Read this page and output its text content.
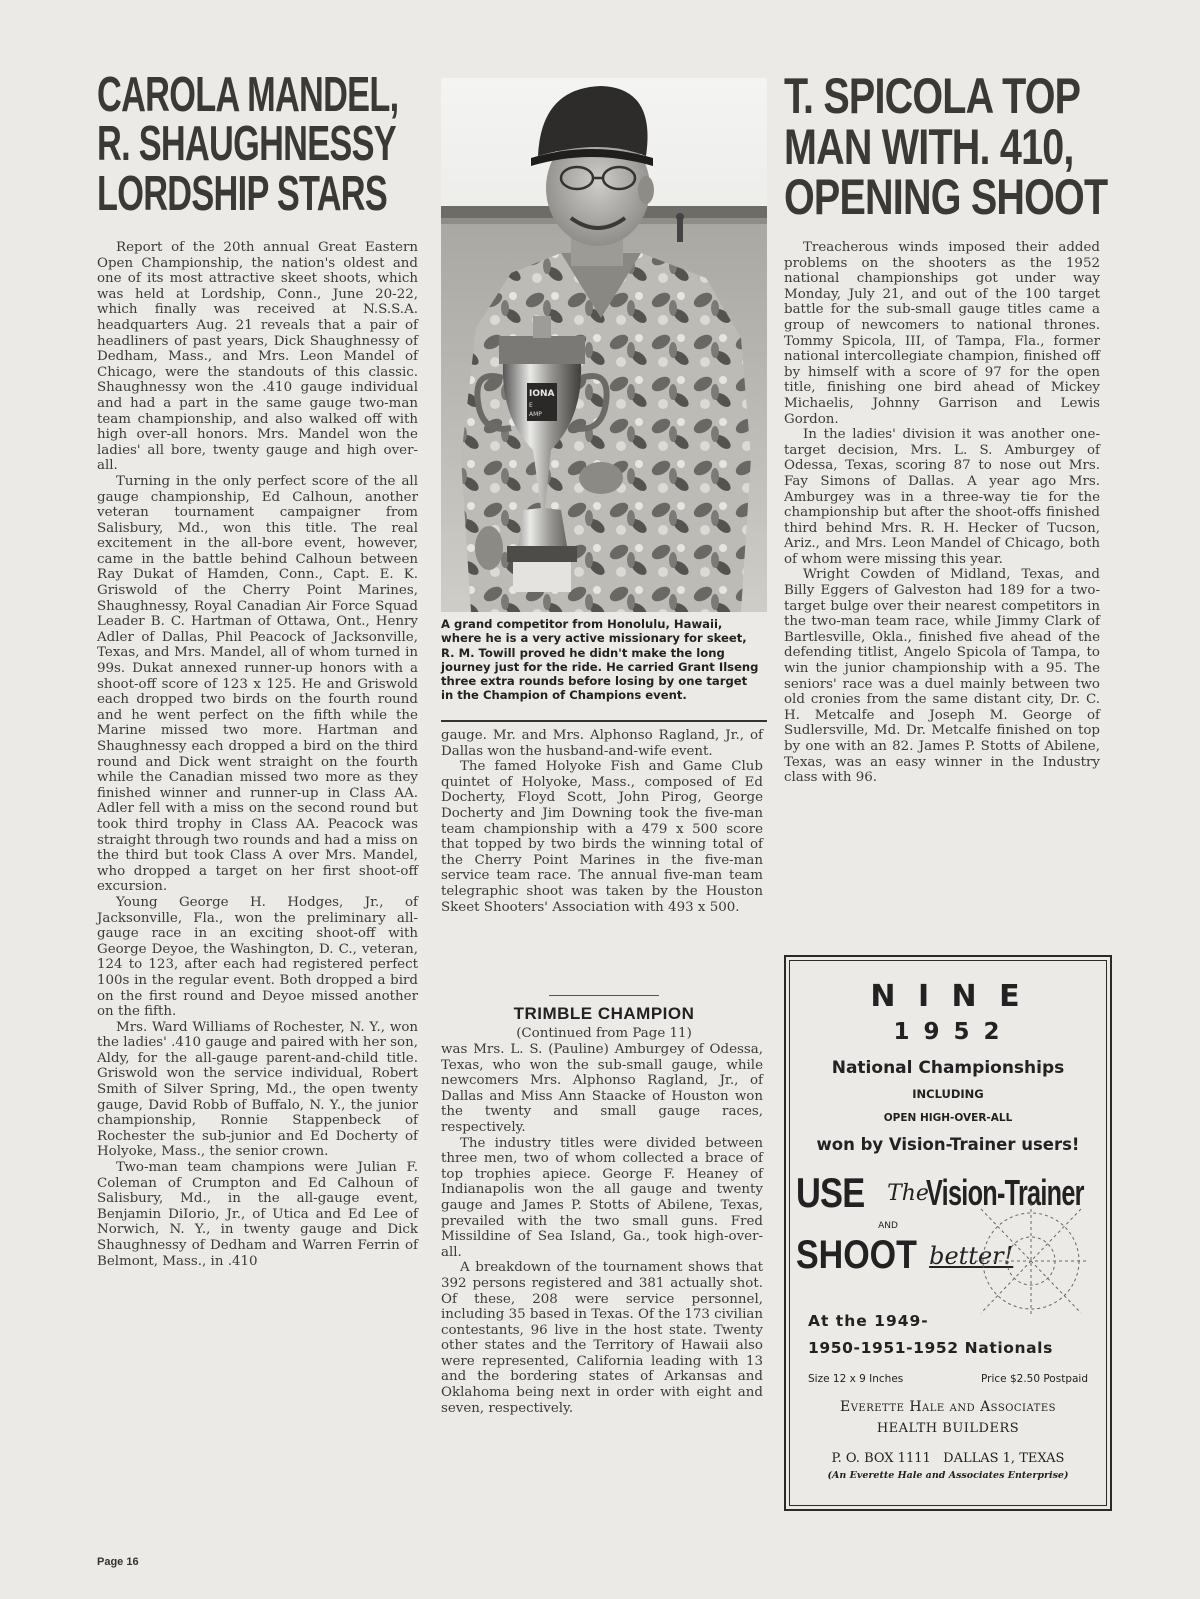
CAROLA MANDEL,
R. SHAUGHNESSY
LORDSHIP STARS

Report of the 20th annual Great Eastern Open Championship, the nation's oldest and one of its most attractive skeet shoots, which was held at Lordship, Conn., June 20-22, which finally was received at N.S.S.A. headquarters Aug. 21 reveals that a pair of headliners of past years, Dick Shaughnessy of Dedham, Mass., and Mrs. Leon Mandel of Chicago, were the standouts of this classic. Shaughnessy won the .410 gauge individual and had a part in the same gauge two-man team championship, and also walked off with high over-all honors. Mrs. Mandel won the ladies' all bore, twenty gauge and high over-all.

Turning in the only perfect score of the all gauge championship, Ed Calhoun, another veteran tournament campaigner from Salisbury, Md., won this title. The real excitement in the all-bore event, however, came in the battle behind Calhoun between Ray Dukat of Hamden, Conn., Capt. E. K. Griswold of the Cherry Point Marines, Shaughnessy, Royal Canadian Air Force Squad Leader B. C. Hartman of Ottawa, Ont., Henry Adler of Dallas, Phil Peacock of Jacksonville, Texas, and Mrs. Mandel, all of whom turned in 99s. Dukat annexed runner-up honors with a shoot-off score of 123 x 125. He and Griswold each dropped two birds on the fourth round and he went perfect on the fifth while the Marine missed two more. Hartman and Shaughnessy each dropped a bird on the third round and Dick went straight on the fourth while the Canadian missed two more as they finished winner and runner-up in Class AA. Adler fell with a miss on the second round but took third trophy in Class AA. Peacock was straight through two rounds and had a miss on the third but took Class A over Mrs. Mandel, who dropped a target on her first shoot-off excursion.

Young George H. Hodges, Jr., of Jacksonville, Fla., won the preliminary all-gauge race in an exciting shoot-off with George Deyoe, the Washington, D. C., veteran, 124 to 123, after each had registered perfect 100s in the regular event. Both dropped a bird on the first round and Deyoe missed another on the fifth.

Mrs. Ward Williams of Rochester, N. Y., won the ladies' .410 gauge and paired with her son, Aldy, for the all-gauge parent-and-child title. Griswold won the service individual, Robert Smith of Silver Spring, Md., the open twenty gauge, David Robb of Buffalo, N. Y., the junior championship, Ronnie Stappenbeck of Rochester the sub-junior and Ed Docherty of Holyoke, Mass., the senior crown.

Two-man team champions were Julian F. Coleman of Crumpton and Ed Calhoun of Salisbury, Md., in the all-gauge event, Benjamin DiIorio, Jr., of Utica and Ed Lee of Norwich, N. Y., in twenty gauge and Dick Shaughnessy of Dedham and Warren Ferrin of Belmont, Mass., in .410

IONA
E
AMP
A grand competitor from Honolulu, Hawaii, where he is a very active missionary for skeet, R. M. Towill proved he didn't make the long journey just for the ride. He carried Grant Ilseng three extra rounds before losing by one target in the Champion of Champions event.

gauge. Mr. and Mrs. Alphonso Ragland, Jr., of Dallas won the husband-and-wife event.

The famed Holyoke Fish and Game Club quintet of Holyoke, Mass., composed of Ed Docherty, Floyd Scott, John Pirog, George Docherty and Jim Downing took the five-man team championship with a 479 x 500 score that topped by two birds the winning total of the Cherry Point Marines in the five-man service team race. The annual five-man team telegraphic shoot was taken by the Houston Skeet Shooters' Association with 493 x 500.

TRIMBLE CHAMPION
(Continued from Page 11)

was Mrs. L. S. (Pauline) Amburgey of Odessa, Texas, who won the sub-small gauge, while newcomers Mrs. Alphonso Ragland, Jr., of Dallas and Miss Ann Staacke of Houston won the twenty and small gauge races, respectively.

The industry titles were divided between three men, two of whom collected a brace of top trophies apiece. George F. Heaney of Indianapolis won the all gauge and twenty gauge and James P. Stotts of Abilene, Texas, prevailed with the two small guns. Fred Missildine of Sea Island, Ga., took high-over-all.

A breakdown of the tournament shows that 392 persons registered and 381 actually shot. Of these, 208 were service personnel, including 35 based in Texas. Of the 173 civilian contestants, 96 live in the host state. Twenty other states and the Territory of Hawaii also were represented, California leading with 13 and the bordering states of Arkansas and Oklahoma being next in order with eight and seven, respectively.

T. SPICOLA TOP
MAN WITH. 410,
OPENING SHOOT

Treacherous winds imposed their added problems on the shooters as the 1952 national championships got under way Monday, July 21, and out of the 100 target battle for the sub-small gauge titles came a group of newcomers to national thrones. Tommy Spicola, III, of Tampa, Fla., former national intercollegiate champion, finished off by himself with a score of 97 for the open title, finishing one bird ahead of Mickey Michaelis, Johnny Garrison and Lewis Gordon.

In the ladies' division it was another one-target decision, Mrs. L. S. Amburgey of Odessa, Texas, scoring 87 to nose out Mrs. Fay Simons of Dallas. A year ago Mrs. Amburgey was in a three-way tie for the championship but after the shoot-offs finished third behind Mrs. R. H. Hecker of Tucson, Ariz., and Mrs. Leon Mandel of Chicago, both of whom were missing this year.

Wright Cowden of Midland, Texas, and Billy Eggers of Galveston had 189 for a two-target bulge over their nearest competitors in the two-man team race, while Jimmy Clark of Bartlesville, Okla., finished five ahead of the defending titlist, Angelo Spicola of Tampa, to win the junior championship with a 95. The seniors' race was a duel mainly between two old cronies from the same distant city, Dr. C. H. Metcalfe and Joseph M. George of Sudlersville, Md. Dr. Metcalfe finished on top by one with an 82. James P. Stotts of Abilene, Texas, was an easy winner in the Industry class with 96.

N I N E
1 9 5 2
National Championships
INCLUDING
OPEN HIGH-OVER-ALL
won by Vision-Trainer users!
USE The Vision-Trainer
AND
SHOOT better!
At the 1949-
1950-1951-1952 Nationals
Size 12 x 9 Inches	Price $2.50 Postpaid
Everette Hale and Associates
HEALTH BUILDERS
P. O. BOX 1111   DALLAS 1, TEXAS
(An Everette Hale and Associates Enterprise)
Page 16
